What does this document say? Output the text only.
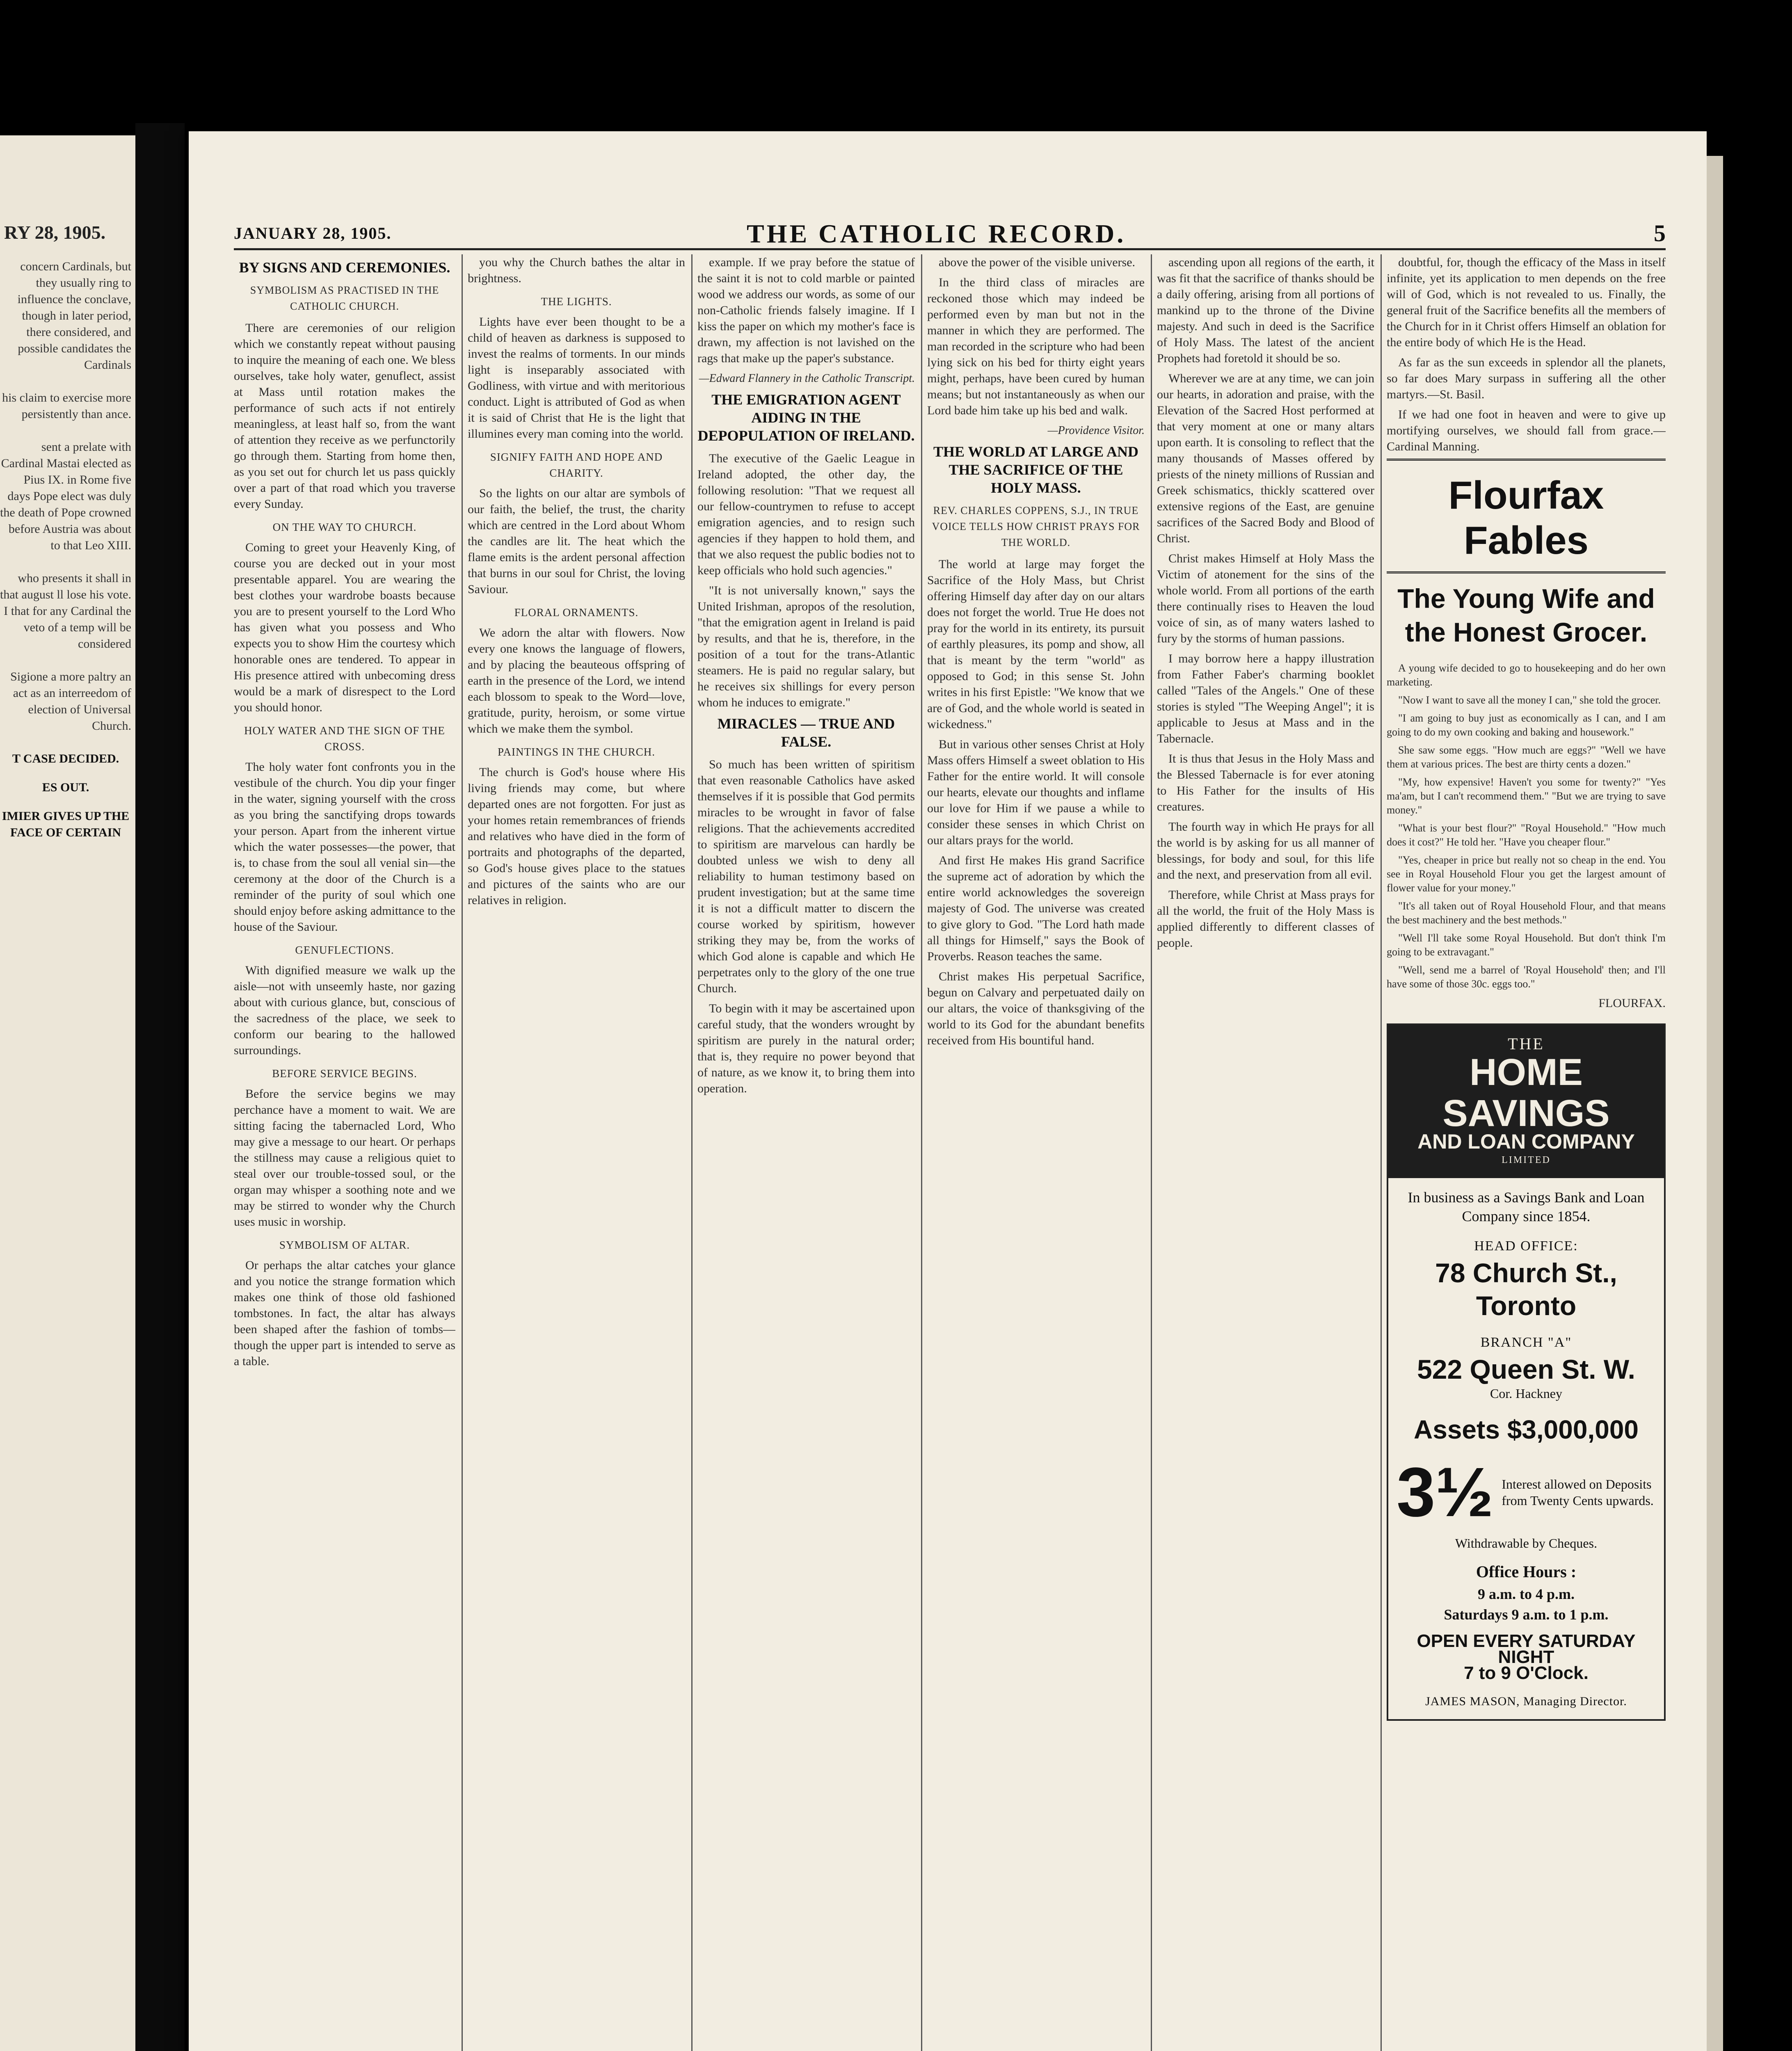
RY 28, 1905.

concern Cardinals, but they usually ring to influence the conclave, though in later period, there considered, and possible candidates the Cardinals

his claim to exercise more persistently than ance.

sent a prelate with Cardinal Mastai elected as Pius IX. in Rome five days Pope elect was duly the death of Pope crowned before Austria was about to that Leo XIII.

who presents it shall in that august ll lose his vote. I that for any Cardinal the veto of a temp will be considered

Sigione a more paltry an act as an interreedom of election of Universal Church.

T CASE DECIDED.
ES OUT.
IMIER GIVES UP THE FACE OF CERTAIN
JANUARY 28, 1905.	THE CATHOLIC RECORD.	5
BY SIGNS AND CEREMONIES.
SYMBOLISM AS PRACTISED IN THE CATHOLIC CHURCH.

There are ceremonies of our religion which we constantly repeat without pausing to inquire the meaning of each one. We bless ourselves, take holy water, genuflect, assist at Mass until rotation makes the performance of such acts if not entirely meaningless, at least half so, from the want of attention they receive as we perfunctorily go through them. Starting from home then, as you set out for church let us pass quickly over a part of that road which you traverse every Sunday.

ON THE WAY TO CHURCH.

Coming to greet your Heavenly King, of course you are decked out in your most presentable apparel. You are wearing the best clothes your wardrobe boasts because you are to present yourself to the Lord Who has given what you possess and Who expects you to show Him the courtesy which honorable ones are tendered. To appear in His presence attired with unbecoming dress would be a mark of disrespect to the Lord you should honor.

HOLY WATER AND THE SIGN OF THE CROSS.

The holy water font confronts you in the vestibule of the church. You dip your finger in the water, signing yourself with the cross as you bring the sanctifying drops towards your person. Apart from the inherent virtue which the water possesses—the power, that is, to chase from the soul all venial sin—the ceremony at the door of the Church is a reminder of the purity of soul which one should enjoy before asking admittance to the house of the Saviour.

GENUFLECTIONS.

With dignified measure we walk up the aisle—not with unseemly haste, nor gazing about with curious glance, but, conscious of the sacredness of the place, we seek to conform our bearing to the hallowed surroundings.

BEFORE SERVICE BEGINS.

Before the service begins we may perchance have a moment to wait. We are sitting facing the tabernacled Lord, Who may give a message to our heart. Or perhaps the stillness may cause a religious quiet to steal over our trouble-tossed soul, or the organ may whisper a soothing note and we may be stirred to wonder why the Church uses music in worship.

SYMBOLISM OF ALTAR.

Or perhaps the altar catches your glance and you notice the strange formation which makes one think of those old fashioned tombstones. In fact, the altar has always been shaped after the fashion of tombs—though the upper part is intended to serve as a table.

you why the Church bathes the altar in brightness.

THE LIGHTS.

Lights have ever been thought to be a child of heaven as darkness is supposed to invest the realms of torments. In our minds light is inseparably associated with Godliness, with virtue and with meritorious conduct. Light is attributed of God as when it is said of Christ that He is the light that illumines every man coming into the world.

SIGNIFY FAITH AND HOPE AND CHARITY.

So the lights on our altar are symbols of our faith, the belief, the trust, the charity which are centred in the Lord about Whom the candles are lit. The heat which the flame emits is the ardent personal affection that burns in our soul for Christ, the loving Saviour.

FLORAL ORNAMENTS.

We adorn the altar with flowers. Now every one knows the language of flowers, and by placing the beauteous offspring of earth in the presence of the Lord, we intend each blossom to speak to the Word—love, gratitude, purity, heroism, or some virtue which we make them the symbol.

PAINTINGS IN THE CHURCH.

The church is God's house where His living friends may come, but where departed ones are not forgotten. For just as your homes retain remembrances of friends and relatives who have died in the form of portraits and photographs of the departed, so God's house gives place to the statues and pictures of the saints who are our relatives in religion.

example. If we pray before the statue of the saint it is not to cold marble or painted wood we address our words, as some of our non-Catholic friends falsely imagine. If I kiss the paper on which my mother's face is drawn, my affection is not lavished on the rags that make up the paper's substance.

—Edward Flannery in the Catholic Transcript.
THE EMIGRATION AGENT AIDING IN THE DEPOPULATION OF IRELAND.

The executive of the Gaelic League in Ireland adopted, the other day, the following resolution: "That we request all our fellow-countrymen to refuse to accept emigration agencies, and to resign such agencies if they happen to hold them, and that we also request the public bodies not to keep officials who hold such agencies."

"It is not universally known," says the United Irishman, apropos of the resolution, "that the emigration agent in Ireland is paid by results, and that he is, therefore, in the position of a tout for the trans-Atlantic steamers. He is paid no regular salary, but he receives six shillings for every person whom he induces to emigrate."

MIRACLES — TRUE AND FALSE.

So much has been written of spiritism that even reasonable Catholics have asked themselves if it is possible that God permits miracles to be wrought in favor of false religions. That the achievements accredited to spiritism are marvelous can hardly be doubted unless we wish to deny all reliability to human testimony based on prudent investigation; but at the same time it is not a difficult matter to discern the course worked by spiritism, however striking they may be, from the works of which God alone is capable and which He perpetrates only to the glory of the one true Church.

To begin with it may be ascertained upon careful study, that the wonders wrought by spiritism are purely in the natural order; that is, they require no power beyond that of nature, as we know it, to bring them into operation.

above the power of the visible universe.

In the third class of miracles are reckoned those which may indeed be performed even by man but not in the manner in which they are performed. The man recorded in the scripture who had been lying sick on his bed for thirty eight years might, perhaps, have been cured by human means; but not instantaneously as when our Lord bade him take up his bed and walk.

—Providence Visitor.
THE WORLD AT LARGE AND THE SACRIFICE OF THE HOLY MASS.
REV. CHARLES COPPENS, S.J., IN TRUE VOICE TELLS HOW CHRIST PRAYS FOR THE WORLD.

The world at large may forget the Sacrifice of the Holy Mass, but Christ offering Himself day after day on our altars does not forget the world. True He does not pray for the world in its entirety, its pursuit of earthly pleasures, its pomp and show, all that is meant by the term "world" as opposed to God; in this sense St. John writes in his first Epistle: "We know that we are of God, and the whole world is seated in wickedness."

But in various other senses Christ at Holy Mass offers Himself a sweet oblation to His Father for the entire world. It will console our hearts, elevate our thoughts and inflame our love for Him if we pause a while to consider these senses in which Christ on our altars prays for the world.

And first He makes His grand Sacrifice the supreme act of adoration by which the entire world acknowledges the sovereign majesty of God. The universe was created to give glory to God. "The Lord hath made all things for Himself," says the Book of Proverbs. Reason teaches the same.

Christ makes His perpetual Sacrifice, begun on Calvary and perpetuated daily on our altars, the voice of thanksgiving of the world to its God for the abundant benefits received from His bountiful hand.

ascending upon all regions of the earth, it was fit that the sacrifice of thanks should be a daily offering, arising from all portions of mankind up to the throne of the Divine majesty. And such in deed is the Sacrifice of Holy Mass. The latest of the ancient Prophets had foretold it should be so.

Wherever we are at any time, we can join our hearts, in adoration and praise, with the Elevation of the Sacred Host performed at that very moment at one or many altars upon earth. It is consoling to reflect that the many thousands of Masses offered by priests of the ninety millions of Russian and Greek schismatics, thickly scattered over extensive regions of the East, are genuine sacrifices of the Sacred Body and Blood of Christ.

Christ makes Himself at Holy Mass the Victim of atonement for the sins of the whole world. From all portions of the earth there continually rises to Heaven the loud voice of sin, as of many waters lashed to fury by the storms of human passions.

I may borrow here a happy illustration from Father Faber's charming booklet called "Tales of the Angels." One of these stories is styled "The Weeping Angel"; it is applicable to Jesus at Mass and in the Tabernacle.

It is thus that Jesus in the Holy Mass and the Blessed Tabernacle is for ever atoning to His Father for the insults of His creatures.

The fourth way in which He prays for all the world is by asking for us all manner of blessings, for body and soul, for this life and the next, and preservation from all evil.

Therefore, while Christ at Mass prays for all the world, the fruit of the Holy Mass is applied differently to different classes of people.

doubtful, for, though the efficacy of the Mass in itself infinite, yet its application to men depends on the free will of God, which is not revealed to us. Finally, the general fruit of the Sacrifice benefits all the members of the Church for in it Christ offers Himself an oblation for the entire body of which He is the Head.

As far as the sun exceeds in splendor all the planets, so far does Mary surpass in suffering all the other martyrs.—St. Basil.

If we had one foot in heaven and were to give up mortifying ourselves, we should fall from grace.—Cardinal Manning.

Flourfax Fables
The Young Wife and the Honest Grocer.

A young wife decided to go to housekeeping and do her own marketing.

"Now I want to save all the money I can," she told the grocer.

"I am going to buy just as economically as I can, and I am going to do my own cooking and baking and housework."

She saw some eggs. "How much are eggs?" "Well we have them at various prices. The best are thirty cents a dozen."

"My, how expensive! Haven't you some for twenty?" "Yes ma'am, but I can't recommend them." "But we are trying to save money."

"What is your best flour?" "Royal Household." "How much does it cost?" He told her. "Have you cheaper flour."

"Yes, cheaper in price but really not so cheap in the end. You see in Royal Household Flour you get the largest amount of flower value for your money."

"It's all taken out of Royal Household Flour, and that means the best machinery and the best methods."

"Well I'll take some Royal Household. But don't think I'm going to be extravagant."

"Well, send me a barrel of 'Royal Household' then; and I'll have some of those 30c. eggs too."

FLOURFAX.
THE
HOME SAVINGS
AND LOAN COMPANY
LIMITED
In business as a Savings Bank and Loan Company since 1854.
HEAD OFFICE:
78 Church St., Toronto
BRANCH "A"
522 Queen St. W.
Cor. Hackney
Assets $3,000,000
3½ Interest allowed on Deposits from Twenty Cents upwards.
Withdrawable by Cheques.
Office Hours :
9 a.m. to 4 p.m.
Saturdays 9 a.m. to 1 p.m.
OPEN EVERY SATURDAY NIGHT
7 to 9 O'Clock.
JAMES MASON, Managing Director.
